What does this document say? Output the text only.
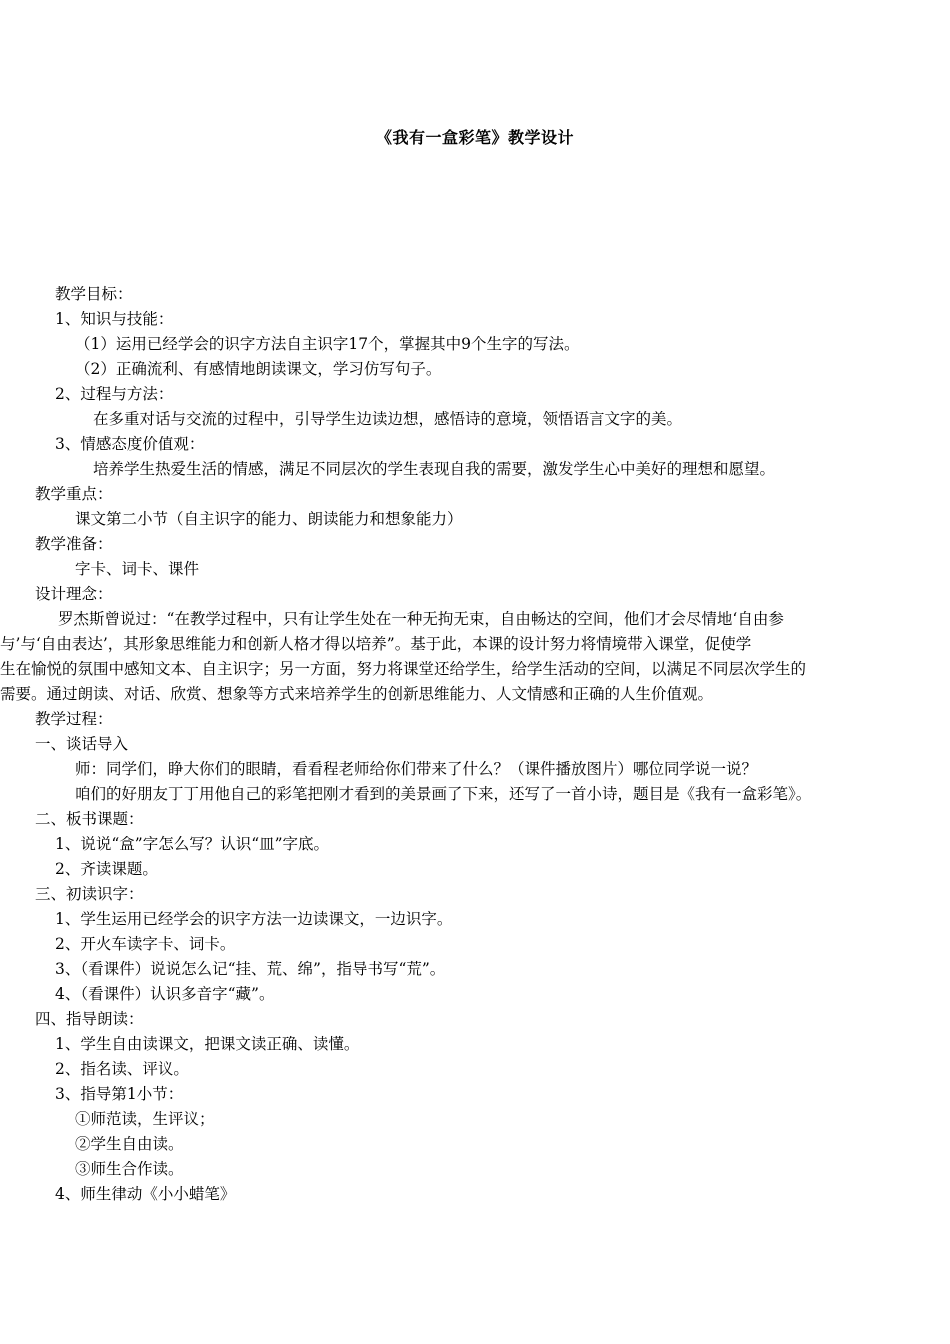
《我有一盒彩笔》教学设计
教学目标：
1、知识与技能：
（1）运用已经学会的识字方法自主识字17个，掌握其中9个生字的写法。
（2）正确流利、有感情地朗读课文，学习仿写句子。
2、过程与方法：
在多重对话与交流的过程中，引导学生边读边想，感悟诗的意境，领悟语言文字的美。
3、情感态度价值观：
培养学生热爱生活的情感，满足不同层次的学生表现自我的需要，激发学生心中美好的理想和愿望。
教学重点：
课文第二小节（自主识字的能力、朗读能力和想象能力）
教学准备：
字卡、词卡、课件
设计理念：
罗杰斯曾说过：“在教学过程中，只有让学生处在一种无拘无束，自由畅达的空间，他们才会尽情地‘自由参
与’与‘自由表达’，其形象思维能力和创新人格才得以培养”。基于此，本课的设计努力将情境带入课堂，促使学
生在愉悦的氛围中感知文本、自主识字；另一方面，努力将课堂还给学生，给学生活动的空间，以满足不同层次学生的
需要。通过朗读、对话、欣赏、想象等方式来培养学生的创新思维能力、人文情感和正确的人生价值观。
教学过程：
一、谈话导入
师：同学们，睁大你们的眼睛，看看程老师给你们带来了什么？（课件播放图片）哪位同学说一说？
咱们的好朋友丁丁用他自己的彩笔把刚才看到的美景画了下来，还写了一首小诗，题目是《我有一盒彩笔》。
二、板书课题：
1、说说“盒”字怎么写？认识“皿”字底。
2、齐读课题。
三、初读识字：
1、学生运用已经学会的识字方法一边读课文，一边识字。
2、开火车读字卡、词卡。
3、（看课件）说说怎么记“挂、荒、绵”，指导书写“荒”。
4、（看课件）认识多音字“藏”。
四、指导朗读：
1、学生自由读课文，把课文读正确、读懂。
2、指名读、评议。
3、指导第1小节：
①师范读，生评议；
②学生自由读。
③师生合作读。
4、师生律动《小小蜡笔》
